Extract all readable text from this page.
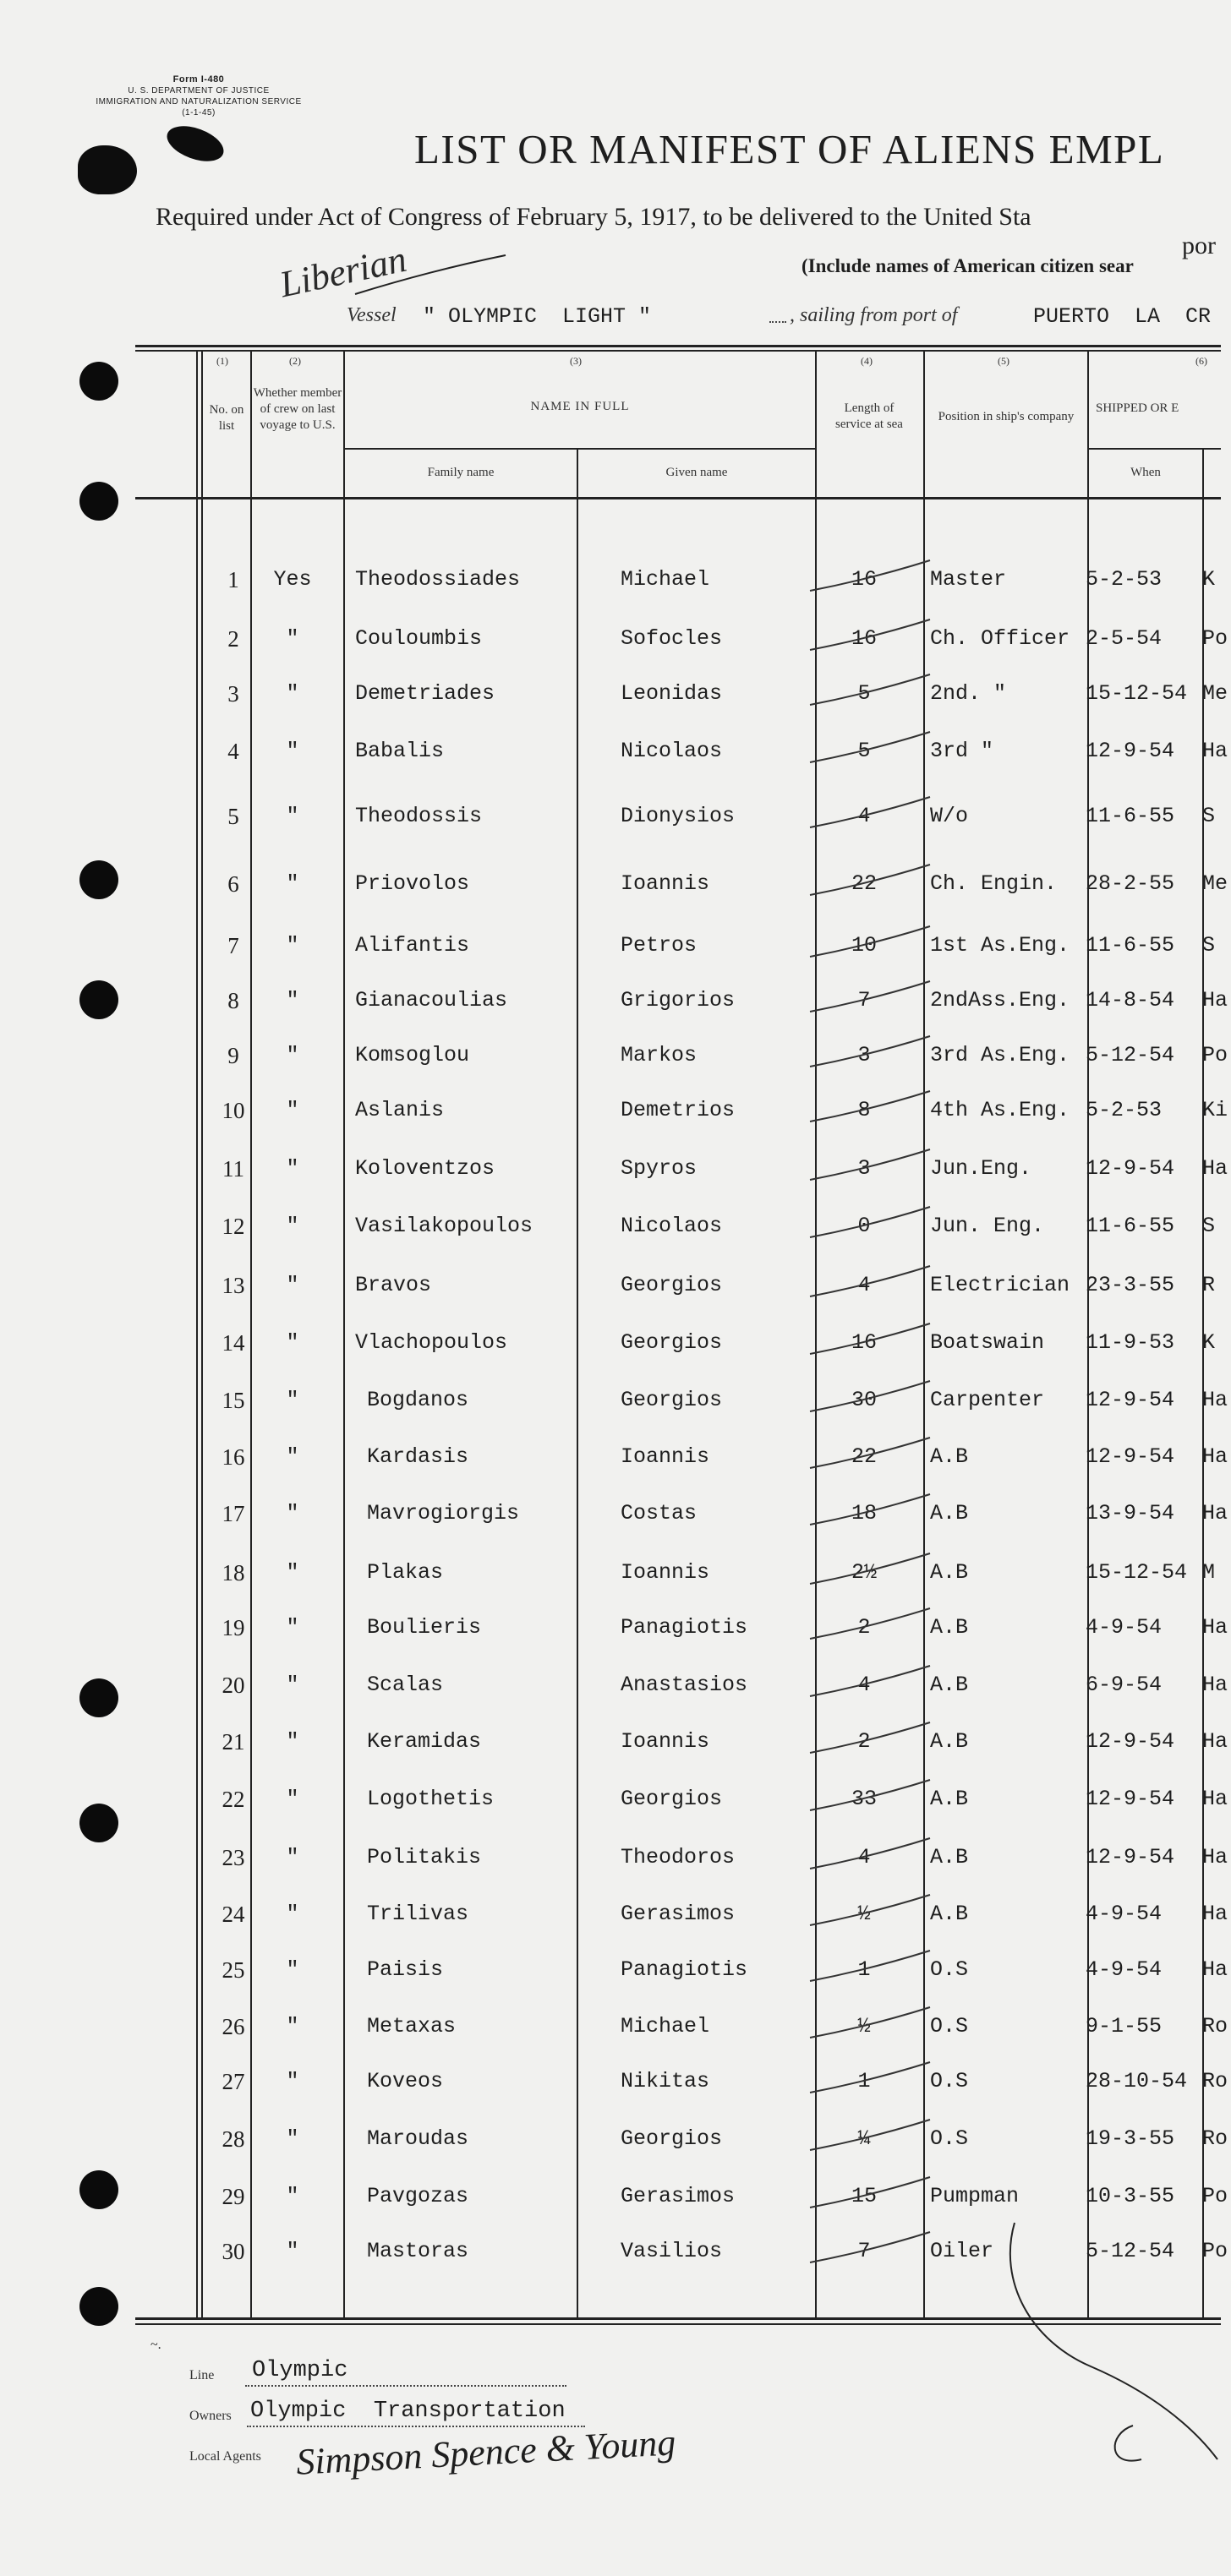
Form I-480
U. S. DEPARTMENT OF JUSTICE
IMMIGRATION AND NATURALIZATION SERVICE
(1-1-45)
LIST OR MANIFEST OF ALIENS EMPL
Required under Act of Congress of February 5, 1917, to be delivered to the United Sta
por
(Include names of American citizen sear
Liberian
Vessel " OLYMPIC  LIGHT "	, sailing from port of	PUERTO  LA  CR
(1)	(2)	(3)	(4)	(5)	(6)
No. on list
Whether member of crew on last voyage to U.S.
NAME IN FULL
Family name	Given name
Length of service at sea
Position in ship's company
SHIPPED OR E
When
1 Yes Theodossiades	Michael	16	Master	5-2-53 K
2	"	Couloumbis	Sofocles	16	Ch. Officer 2-5-54 Po
3	"	Demetriades	Leonidas	5	2nd. "	15-12-54 Me
4	"	Babalis	Nicolaos	5	3rd "	12-9-54 Ha
5	"	Theodossis	Dionysios	4	W/o	11-6-55 S
6	"	Priovolos	Ioannis	22	Ch. Engin. 28-2-55 Me
7	"	Alifantis	Petros	10	1st As.Eng. 11-6-55 S
8	"	Gianacoulias	Grigorios	7	2ndAss.Eng. 14-8-54 Ha
9	"	Komsoglou	Markos	3	3rd As.Eng. 5-12-54 Po
10	"	Aslanis	Demetrios	8	4th As.Eng. 5-2-53 Ki
11	"	Koloventzos	Spyros	3	Jun.Eng.	12-9-54 Ha
12	"	Vasilakopoulos	Nicolaos	0	Jun. Eng. 11-6-55 S
13	"	Bravos	Georgios	4	Electrician 23-3-55 R
14	"	Vlachopoulos	Georgios	16	Boatswain 11-9-53 K
15	"	Bogdanos	Georgios	30	Carpenter 12-9-54 Ha
16	"	Kardasis	Ioannis	22	A.B	12-9-54 Ha
17	"	Mavrogiorgis	Costas	18	A.B	13-9-54 Ha
18	"	Plakas	Ioannis	2½	A.B	15-12-54 M
19	"	Boulieris	Panagiotis	2	A.B	4-9-54 Ha
20	"	Scalas	Anastasios	4	A.B	6-9-54 Ha
21	"	Keramidas	Ioannis	2	A.B	12-9-54 Ha
22	"	Logothetis	Georgios	33	A.B	12-9-54 Ha
23	"	Politakis	Theodoros	4	A.B	12-9-54 Ha
24	"	Trilivas	Gerasimos	½	A.B	4-9-54 Ha
25	"	Paisis	Panagiotis	1	O.S	4-9-54 Ha
26	"	Metaxas	Michael	½	O.S	9-1-55 Ro
27	"	Koveos	Nikitas	1	O.S	28-10-54 Ro
28	"	Maroudas	Georgios	¼	O.S	19-3-55 Ro
29	"	Pavgozas	Gerasimos	15	Pumpman	10-3-55 Po
30	"	Mastoras	Vasilios	7	Oiler	5-12-54 Po
~.
Line Olympic
Owners Olympic  Transportation
Local Agents Simpson Spence & Young
